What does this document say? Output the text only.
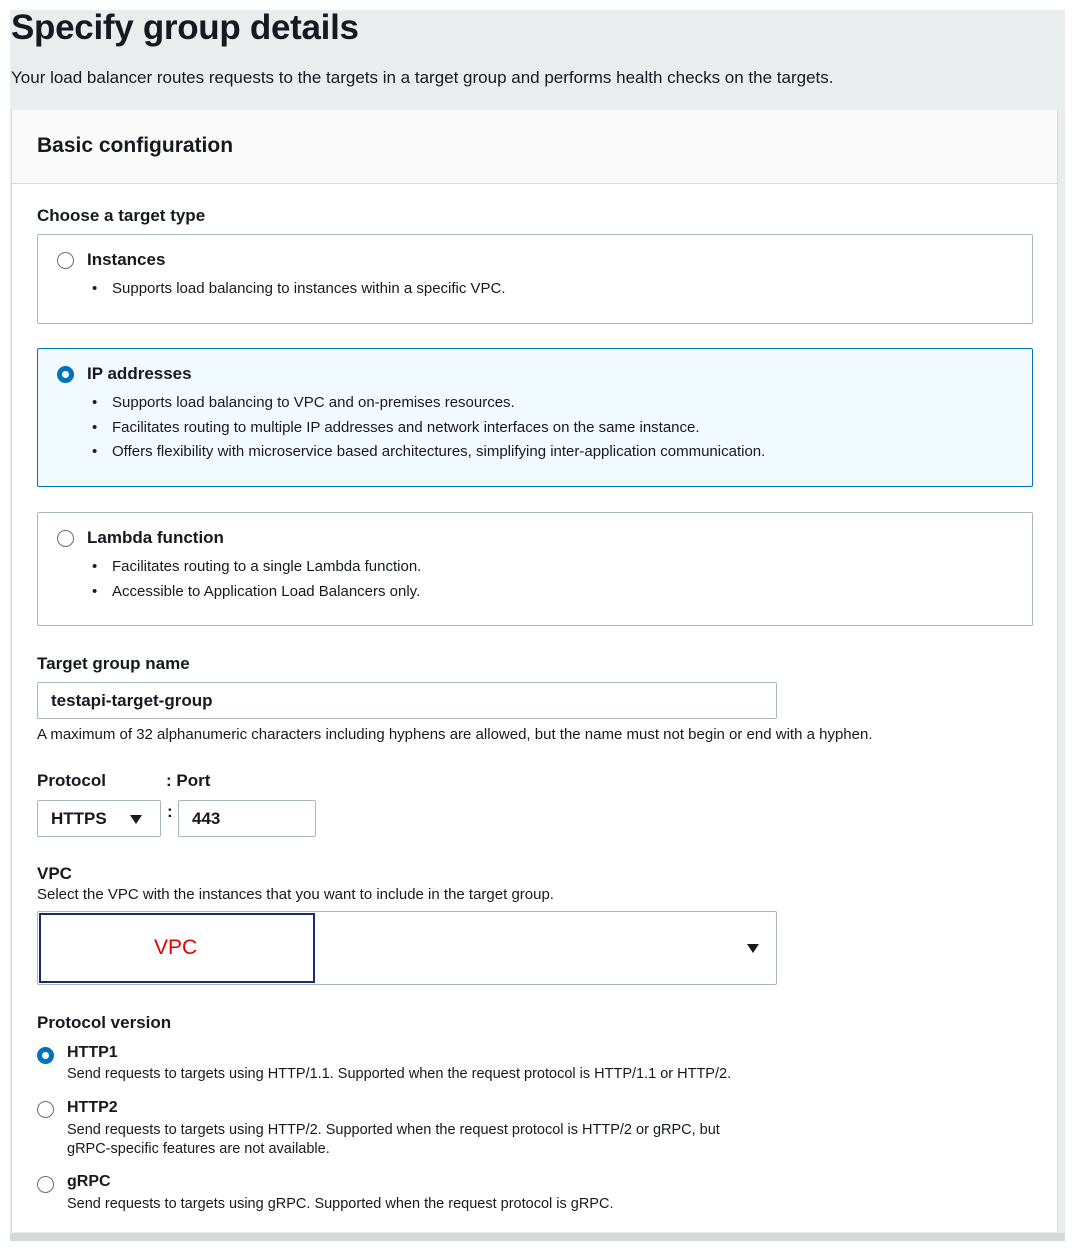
Specify group details
Your load balancer routes requests to the targets in a target group and performs health checks on the targets.
Basic configuration
Choose a target type
Instances
• Supports load balancing to instances within a specific VPC.
IP addresses
• Supports load balancing to VPC and on-premises resources.
• Facilitates routing to multiple IP addresses and network interfaces on the same instance.
• Offers flexibility with microservice based architectures, simplifying inter-application communication.
Lambda function
• Facilitates routing to a single Lambda function.
• Accessible to Application Load Balancers only.
Target group name
testapi-target-group
A maximum of 32 alphanumeric characters including hyphens are allowed, but the name must not begin or end with a hyphen.
Protocol	: Port
HTTPS	: 443
VPC
Select the VPC with the instances that you want to include in the target group.
VPC
Protocol version
HTTP1
Send requests to targets using HTTP/1.1. Supported when the request protocol is HTTP/1.1 or HTTP/2.
HTTP2
Send requests to targets using HTTP/2. Supported when the request protocol is HTTP/2 or gRPC, but
gRPC-specific features are not available.
gRPC
Send requests to targets using gRPC. Supported when the request protocol is gRPC.
